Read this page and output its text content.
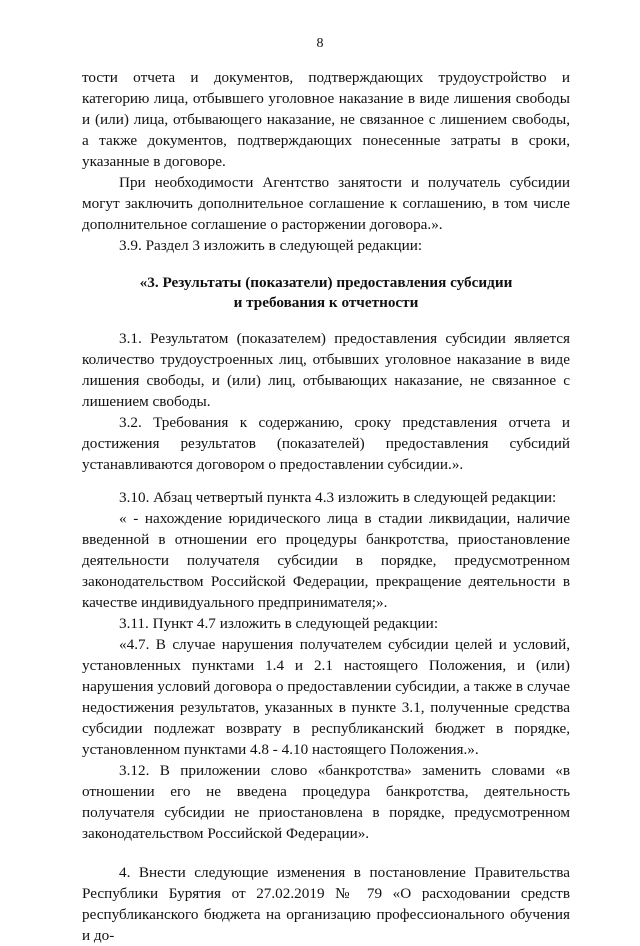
8

тости отчета и документов, подтверждающих трудоустройство и категорию лица, отбывшего уголовное наказание в виде лишения свободы и (или) лица, отбывающего наказание, не связанное с лишением свободы, а также документов, подтверждающих понесенные затраты в сроки, указанные в договоре.

При необходимости Агентство занятости и получатель субсидии могут заключить дополнительное соглашение к соглашению, в том числе дополнительное соглашение о расторжении договора.».

3.9. Раздел 3 изложить в следующей редакции:

«3. Результаты (показатели) предоставления субсидии
и требования к отчетности

3.1. Результатом (показателем) предоставления субсидии является количество трудоустроенных лиц, отбывших уголовное наказание в виде лишения свободы, и (или) лиц, отбывающих наказание, не связанное с лишением свободы.

3.2. Требования к содержанию, сроку представления отчета и достижения результатов (показателей) предоставления субсидий устанавливаются договором о предоставлении субсидии.».

3.10. Абзац четвертый пункта 4.3 изложить в следующей редакции:

« - нахождение юридического лица в стадии ликвидации, наличие введенной в отношении его процедуры банкротства, приостановление деятельности получателя субсидии в порядке, предусмотренном законодательством Российской Федерации, прекращение деятельности в качестве индивидуального предпринимателя;».

3.11. Пункт 4.7 изложить в следующей редакции:

«4.7. В случае нарушения получателем субсидии целей и условий, установленных пунктами 1.4 и 2.1 настоящего Положения, и (или) нарушения условий договора о предоставлении субсидии, а также в случае недостижения результатов, указанных в пункте 3.1, полученные средства субсидии подлежат возврату в республиканский бюджет в порядке, установленном пунктами 4.8 - 4.10 настоящего Положения.».

3.12. В приложении слово «банкротства» заменить словами «в отношении его не введена процедура банкротства, деятельность получателя субсидии не приостановлена в порядке, предусмотренном законодательством Российской Федерации».

4. Внести следующие изменения в постановление Правительства Республики Бурятия от 27.02.2019 № 79 «О расходовании средств республиканского бюджета на организацию профессионального обучения и до-
